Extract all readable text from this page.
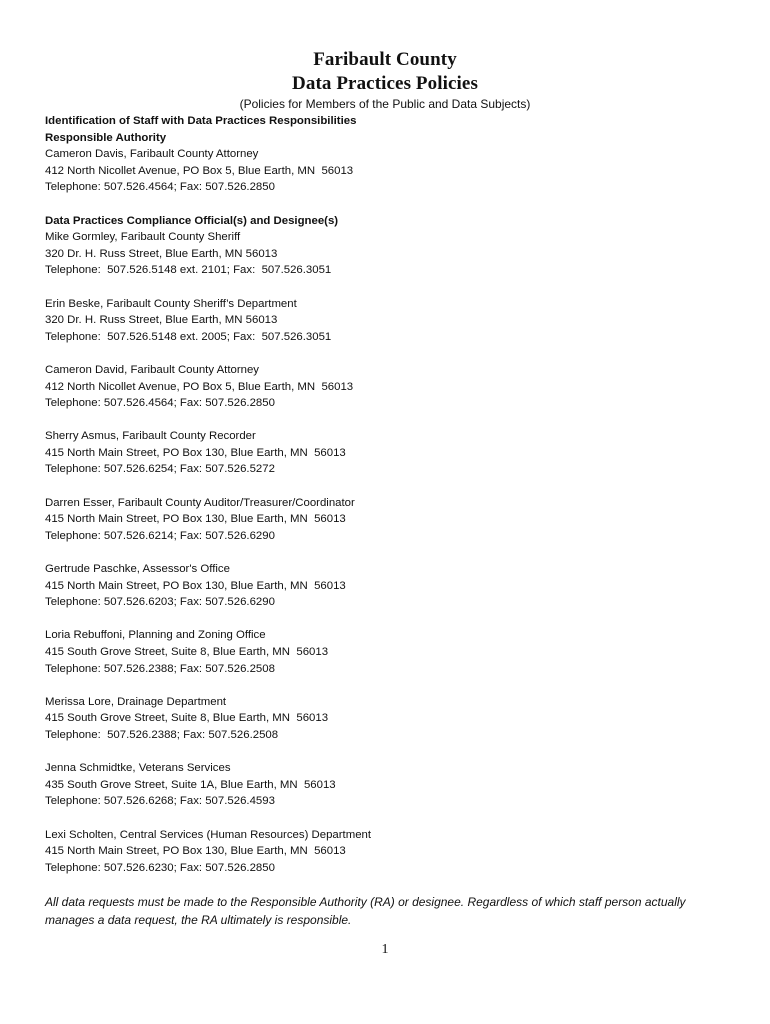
Faribault County
Data Practices Policies
(Policies for Members of the Public and Data Subjects)
Identification of Staff with Data Practices Responsibilities
Responsible Authority
Cameron Davis, Faribault County Attorney
412 North Nicollet Avenue, PO Box 5, Blue Earth, MN  56013
Telephone: 507.526.4564; Fax: 507.526.2850
Data Practices Compliance Official(s) and Designee(s)
Mike Gormley, Faribault County Sheriff
320 Dr. H. Russ Street, Blue Earth, MN 56013
Telephone:  507.526.5148 ext. 2101; Fax:  507.526.3051
Erin Beske, Faribault County Sheriff’s Department
320 Dr. H. Russ Street, Blue Earth, MN 56013
Telephone:  507.526.5148 ext. 2005; Fax:  507.526.3051
Cameron David, Faribault County Attorney
412 North Nicollet Avenue, PO Box 5, Blue Earth, MN  56013
Telephone: 507.526.4564; Fax: 507.526.2850
Sherry Asmus, Faribault County Recorder
415 North Main Street, PO Box 130, Blue Earth, MN  56013
Telephone: 507.526.6254; Fax: 507.526.5272
Darren Esser, Faribault County Auditor/Treasurer/Coordinator
415 North Main Street, PO Box 130, Blue Earth, MN  56013
Telephone: 507.526.6214; Fax: 507.526.6290
Gertrude Paschke, Assessor's Office
415 North Main Street, PO Box 130, Blue Earth, MN  56013
Telephone: 507.526.6203; Fax: 507.526.6290
Loria Rebuffoni, Planning and Zoning Office
415 South Grove Street, Suite 8, Blue Earth, MN  56013
Telephone: 507.526.2388; Fax: 507.526.2508
Merissa Lore, Drainage Department
415 South Grove Street, Suite 8, Blue Earth, MN  56013
Telephone:  507.526.2388; Fax: 507.526.2508
Jenna Schmidtke, Veterans Services
435 South Grove Street, Suite 1A, Blue Earth, MN  56013
Telephone: 507.526.6268; Fax: 507.526.4593
Lexi Scholten, Central Services (Human Resources) Department
415 North Main Street, PO Box 130, Blue Earth, MN  56013
Telephone: 507.526.6230; Fax: 507.526.2850
All data requests must be made to the Responsible Authority (RA) or designee. Regardless of which staff person actually manages a data request, the RA ultimately is responsible.
1
